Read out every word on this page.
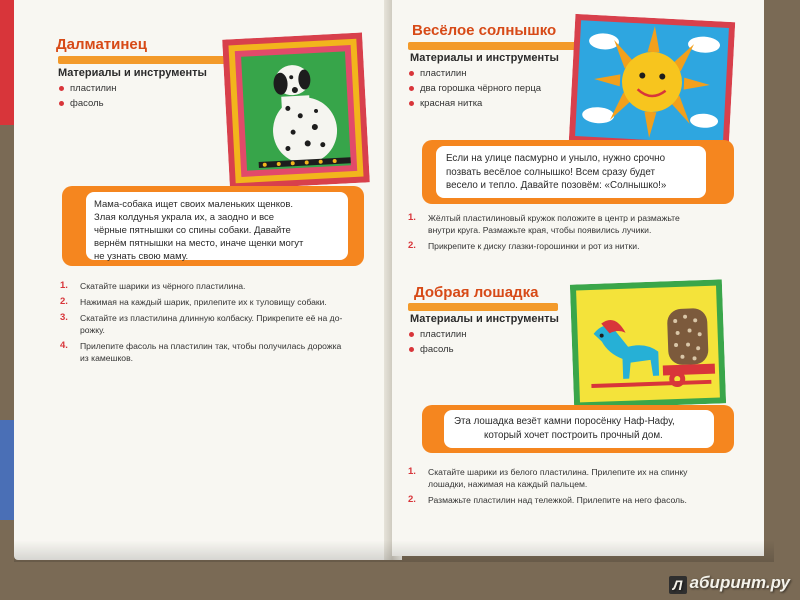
Далматинец
Материалы и инструменты
пластилин
фасоль
Мама-собака ищет своих маленьких щенков.
Злая колдунья украла их, а заодно и все
чёрные пятнышки со спины собаки. Давайте
вернём пятнышки на место, иначе щенки могут
не узнать свою маму.
1. Скатайте шарики из чёрного пластилина.
2. Нажимая на каждый шарик, прилепите их к туловищу собаки.
3. Скатайте из пластилина длинную колбаску. Прикрепите её на до-
рожку.
4. Прилепите фасоль на пластилин так, чтобы получилась дорожка
из камешков.
Весёлое солнышко
Материалы и инструменты
пластилин
два горошка чёрного перца
красная нитка
Если на улице пасмурно и уныло, нужно срочно
позвать весёлое солнышко! Всем сразу будет
весело и тепло. Давайте позовём: «Солнышко!»
1. Жёлтый пластилиновый кружок положите в центр и размажьте
внутри круга. Размажьте края, чтобы появились лучики.
2. Прикрепите к диску глазки-горошинки и рот из нитки.
Добрая лошадка
Материалы и инструменты
пластилин
фасоль
Эта лошадка везёт камни поросёнку Наф-Нафу,
который хочет построить прочный дом.
1. Скатайте шарики из белого пластилина. Прилепите их на спинку
лошадки, нажимая на каждый пальцем.
2. Размажьте пластилин над тележкой. Прилепите на него фасоль.
Л абиринт.ру
